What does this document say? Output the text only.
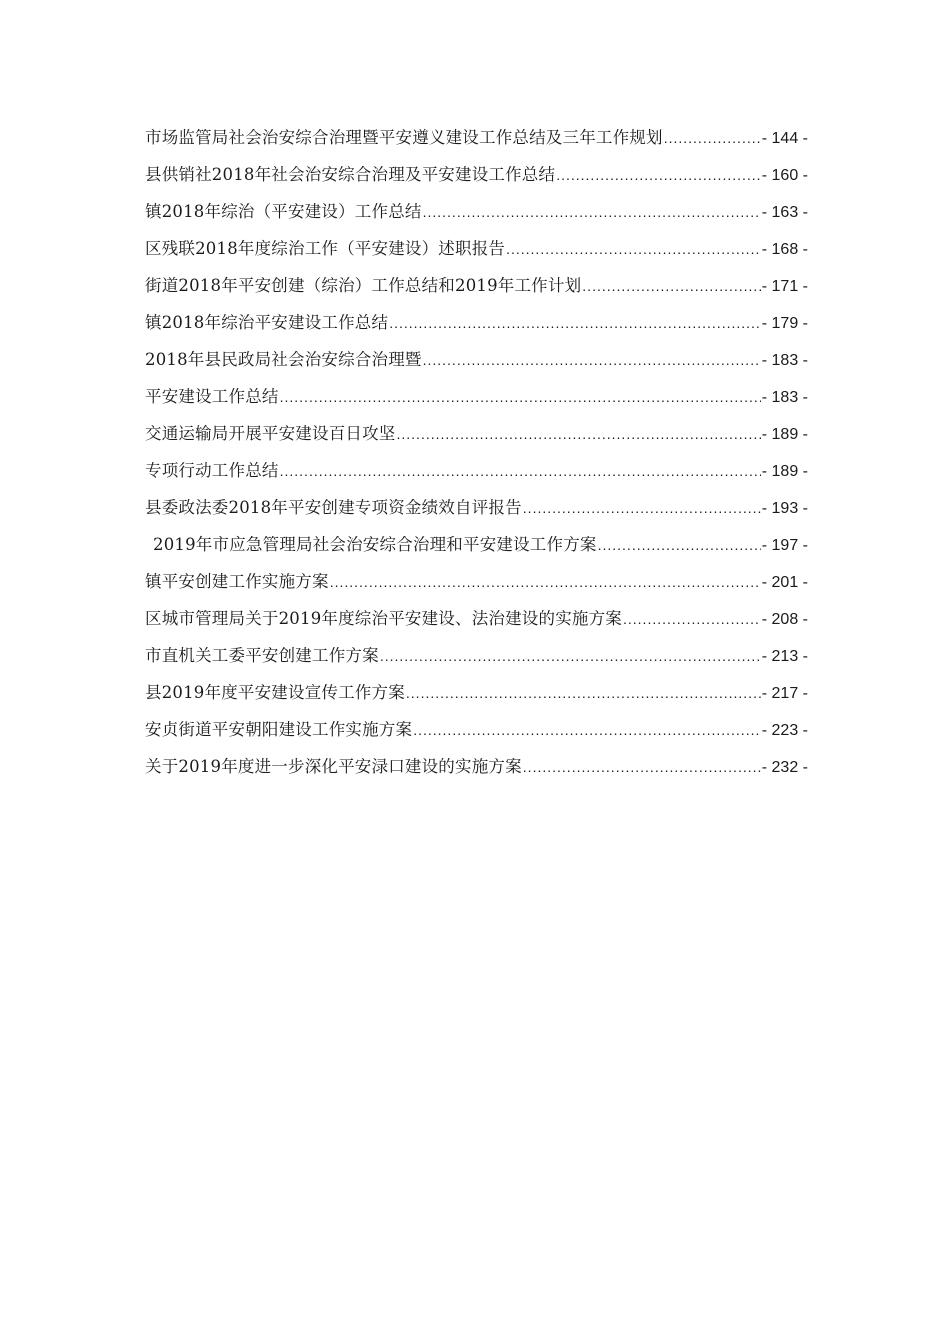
市场监管局社会治安综合治理暨平安遵义建设工作总结及三年工作规划 .....	- 144 -
县供销社2018年社会治安综合治理及平安建设工作总结 .....	- 160 -
镇2018年综治（平安建设）工作总结 .....	- 163 -
区残联2018年度综治工作（平安建设）述职报告 .....	- 168 -
街道2018年平安创建（综治）工作总结和2019年工作计划 .....	- 171 -
镇2018年综治平安建设工作总结 .....	- 179 -
2018年县民政局社会治安综合治理暨 .....	- 183 -
平安建设工作总结 .....	- 183 -
交通运输局开展平安建设百日攻坚 .....	- 189 -
专项行动工作总结 .....	- 189 -
县委政法委2018年平安创建专项资金绩效自评报告 .....	- 193 -
2019年市应急管理局社会治安综合治理和平安建设工作方案 .....	- 197 -
镇平安创建工作实施方案 .....	- 201 -
区城市管理局关于2019年度综治平安建设、法治建设的实施方案 .....	- 208 -
市直机关工委平安创建工作方案 .....	- 213 -
县2019年度平安建设宣传工作方案 .....	- 217 -
安贞街道平安朝阳建设工作实施方案 .....	- 223 -
关于2019年度进一步深化平安渌口建设的实施方案 .....	- 232 -
